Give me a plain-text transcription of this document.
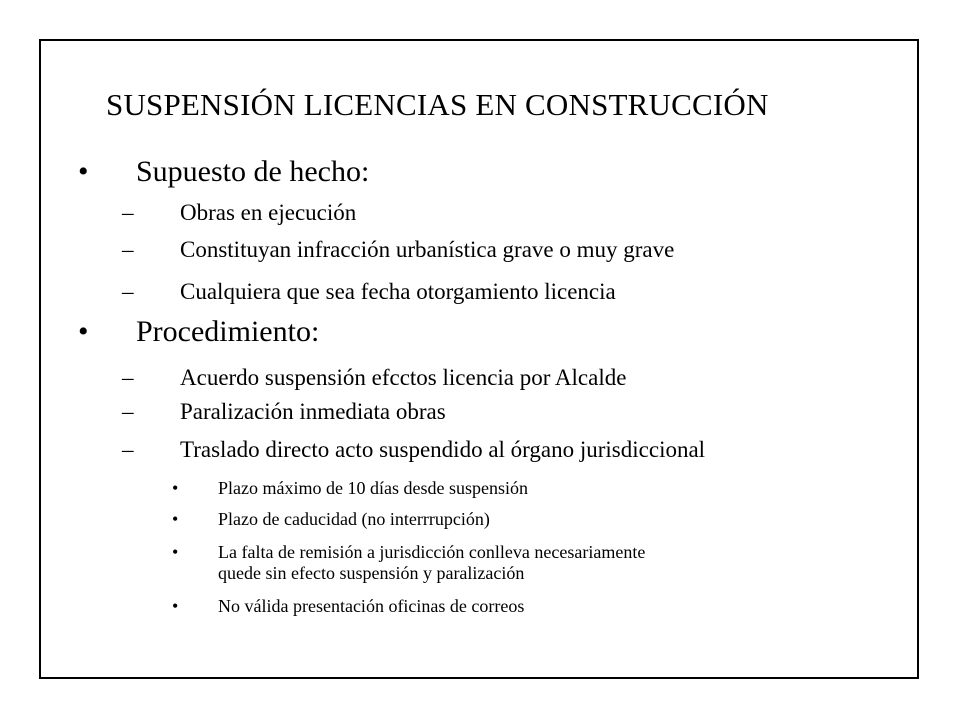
SUSPENSIÓN LICENCIAS EN CONSTRUCCIÓN
• Supuesto de hecho:
– Obras en ejecución
– Constituyan infracción urbanística grave o muy grave
– Cualquiera que sea fecha otorgamiento licencia
• Procedimiento:
– Acuerdo suspensión efcctos licencia por Alcalde
– Paralización inmediata obras
– Traslado directo acto suspendido al órgano jurisdiccional
• Plazo máximo de 10 días desde suspensión
• Plazo de caducidad (no interrrupción)
• La falta de remisión a jurisdicción conlleva necesariamente
quede sin efecto suspensión y paralización
• No válida presentación oficinas de correos
